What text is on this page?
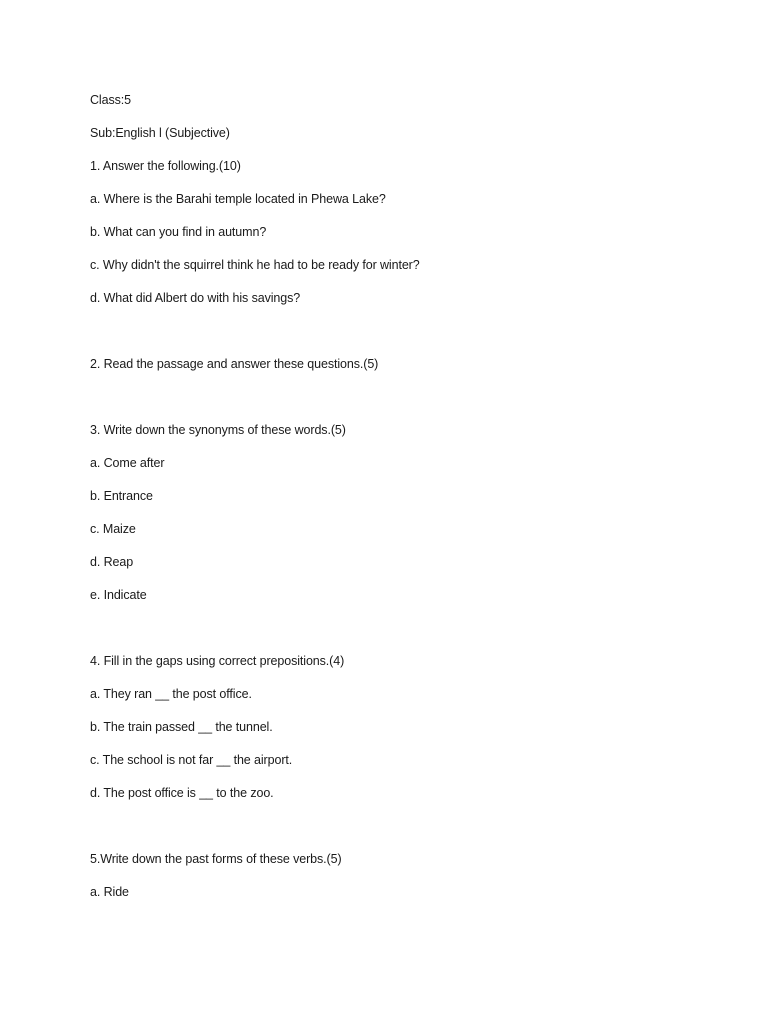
Class:5
Sub:English l (Subjective)
1. Answer the following.(10)
a. Where is the Barahi temple located in Phewa Lake?
b. What can you find in autumn?
c. Why didn't the squirrel think he had to be ready for winter?
d. What did Albert do with his savings?
2. Read the passage and answer these questions.(5)
3. Write down the synonyms of these words.(5)
a. Come after
b. Entrance
c. Maize
d. Reap
e. Indicate
4. Fill in the gaps using correct prepositions.(4)
a. They ran __ the post office.
b. The train passed __ the tunnel.
c. The school is not far __ the airport.
d. The post office is __ to the zoo.
5.Write down the past forms of these verbs.(5)
a. Ride
